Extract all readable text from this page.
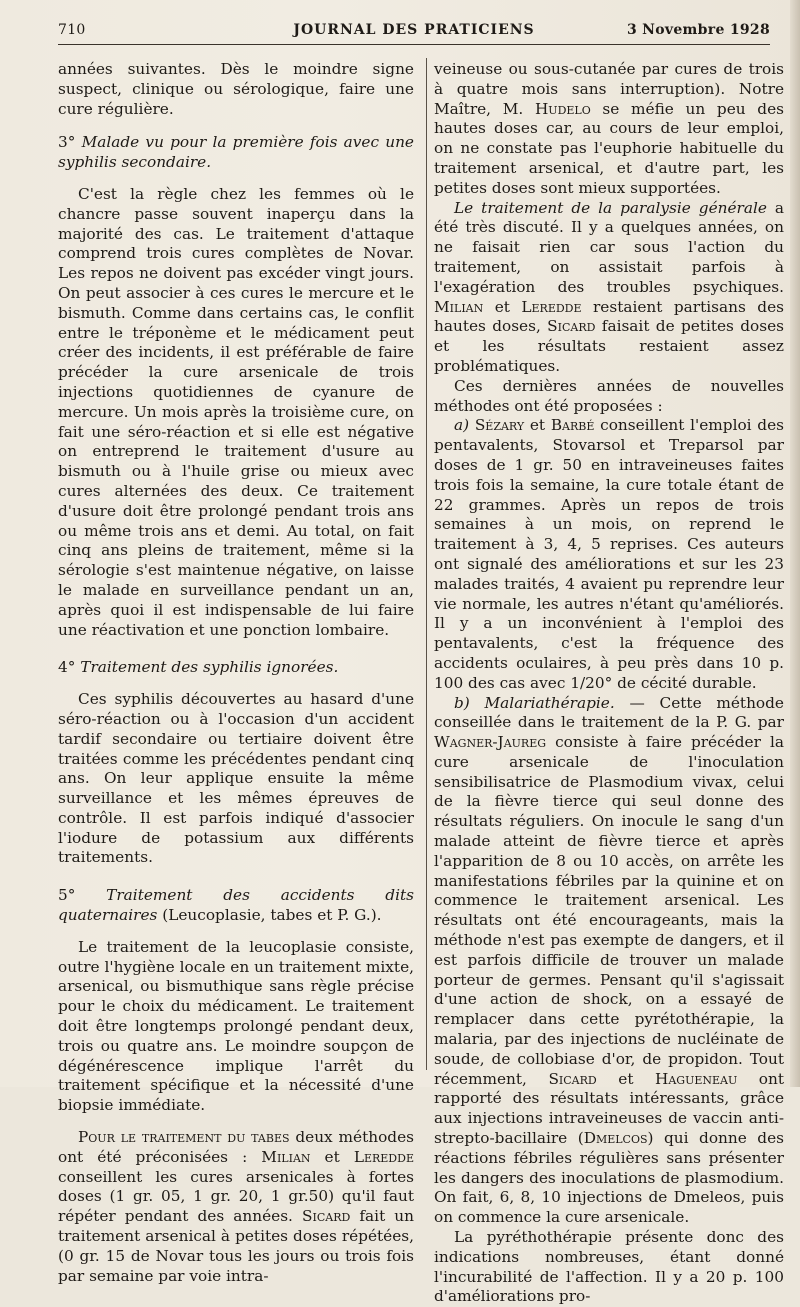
710	JOURNAL DES PRATICIENS	3 Novembre 1928

années suivantes. Dès le moindre signe suspect, clinique ou sérologique, faire une cure régulière.

3° Malade vu pour la première fois avec une syphilis secondaire.

C'est la règle chez les femmes où le chancre passe souvent inaperçu dans la majorité des cas. Le traitement d'attaque comprend trois cures complètes de Novar. Les repos ne doivent pas excéder vingt jours. On peut associer à ces cures le mercure et le bismuth. Comme dans certains cas, le conflit entre le tréponème et le médicament peut créer des incidents, il est préférable de faire précéder la cure arsenicale de trois injections quotidiennes de cyanure de mercure. Un mois après la troisième cure, on fait une séro-réaction et si elle est négative on entreprend le traitement d'usure au bismuth ou à l'huile grise ou mieux avec cures alternées des deux. Ce traitement d'usure doit être prolongé pendant trois ans ou même trois ans et demi. Au total, on fait cinq ans pleins de traitement, même si la sérologie s'est maintenue négative, on laisse le malade en surveillance pendant un an, après quoi il est indispensable de lui faire une réactivation et une ponction lombaire.

4° Traitement des syphilis ignorées.

Ces syphilis découvertes au hasard d'une séro-réaction ou à l'occasion d'un accident tardif secondaire ou tertiaire doivent être traitées comme les précédentes pendant cinq ans. On leur applique ensuite la même surveillance et les mêmes épreuves de contrôle. Il est parfois indiqué d'associer l'iodure de potassium aux différents traitements.

5° Traitement des accidents dits quaternaires (Leucoplasie, tabes et P. G.).

Le traitement de la leucoplasie consiste, outre l'hygiène locale en un traitement mixte, arsenical, ou bismuthique sans règle précise pour le choix du médicament. Le traitement doit être longtemps prolongé pendant deux, trois ou quatre ans. Le moindre soupçon de dégénérescence implique l'arrêt du traitement spécifique et la nécessité d'une biopsie immédiate.

Pour le traitement du tabes deux méthodes ont été préconisées : Milian et Leredde conseillent les cures arsenicales à fortes doses (1 gr. 05, 1 gr. 20, 1 gr.50) qu'il faut répéter pendant des années. Sicard fait un traitement arsenical à petites doses répétées, (0 gr. 15 de Novar tous les jours ou trois fois par semaine par voie intra-

veineuse ou sous-cutanée par cures de trois à quatre mois sans interruption). Notre Maître, M. Hudelo se méfie un peu des hautes doses car, au cours de leur emploi, on ne constate pas l'euphorie habituelle du traitement arsenical, et d'autre part, les petites doses sont mieux supportées.

Le traitement de la paralysie générale a été très discuté. Il y a quelques années, on ne faisait rien car sous l'action du traitement, on assistait parfois à l'exagération des troubles psychiques. Milian et Leredde restaient partisans des hautes doses, Sicard faisait de petites doses et les résultats restaient assez problématiques.

Ces dernières années de nouvelles méthodes ont été proposées :

a) Sézary et Barbé conseillent l'emploi des pentavalents, Stovarsol et Treparsol par doses de 1 gr. 50 en intraveineuses faites trois fois la semaine, la cure totale étant de 22 grammes. Après un repos de trois semaines à un mois, on reprend le traitement à 3, 4, 5 reprises. Ces auteurs ont signalé des améliorations et sur les 23 malades traités, 4 avaient pu reprendre leur vie normale, les autres n'étant qu'améliorés. Il y a un inconvénient à l'emploi des pentavalents, c'est la fréquence des accidents oculaires, à peu près dans 10 p. 100 des cas avec 1/20° de cécité durable.

b) Malariathérapie. — Cette méthode conseillée dans le traitement de la P. G. par Wagner-Jaureg consiste à faire précéder la cure arsenicale de l'inoculation sensibilisatrice de Plasmodium vivax, celui de la fièvre tierce qui seul donne des résultats réguliers. On inocule le sang d'un malade atteint de fièvre tierce et après l'apparition de 8 ou 10 accès, on arrête les manifestations fébriles par la quinine et on commence le traitement arsenical. Les résultats ont été encourageants, mais la méthode n'est pas exempte de dangers, et il est parfois difficile de trouver un malade porteur de germes. Pensant qu'il s'agissait d'une action de shock, on a essayé de remplacer dans cette pyrétothérapie, la malaria, par des injections de nucléinate de soude, de collobiase d'or, de propidon. Tout récemment, Sicard et Hagueneau ont rapporté des résultats intéressants, grâce aux injections intraveineuses de vaccin anti-strepto-bacillaire (Dmelcos) qui donne des réactions fébriles régulières sans présenter les dangers des inoculations de plasmodium. On fait, 6, 8, 10 injections de Dmeleos, puis on commence la cure arsenicale.

La pyréthothérapie présente donc des indications nombreuses, étant donné l'incurabilité de l'affection. Il y a 20 p. 100 d'améliorations pro-
